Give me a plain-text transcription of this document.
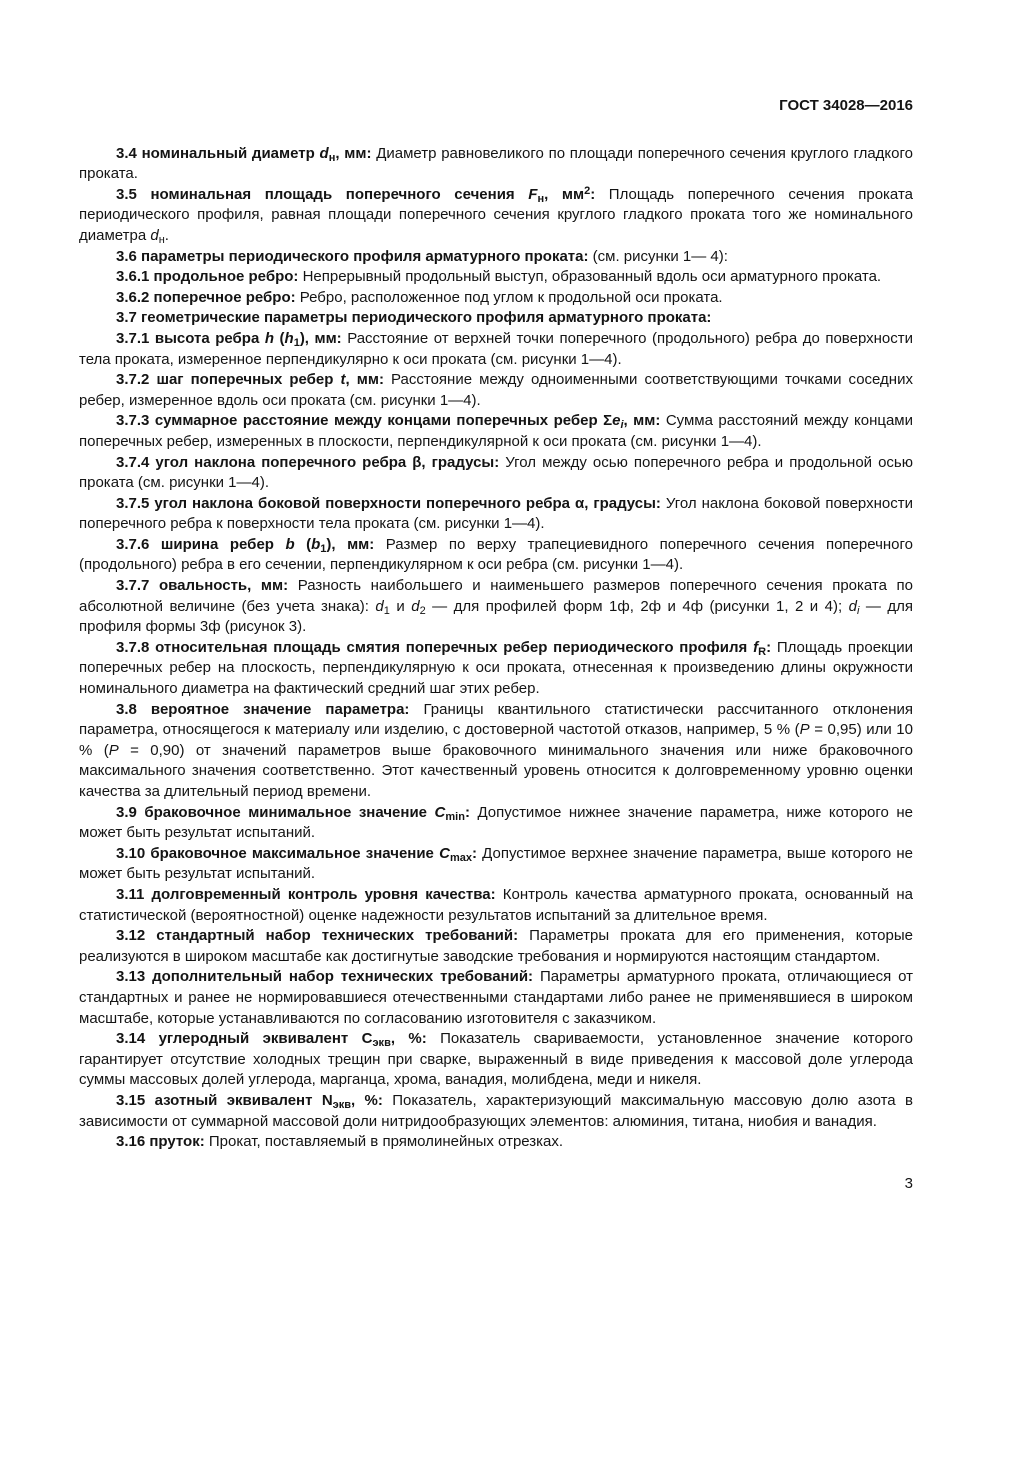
ГОСТ 34028—2016

3.4 номинальный диаметр $d_н$, мм: Диаметр равновеликого по площади поперечного сечения круглого гладкого проката.

3.5 номинальная площадь поперечного сечения $F_н$, $мм^2$: Площадь поперечного сечения проката периодического профиля, равная площади поперечного сечения круглого гладкого проката того же номинального диаметра $d_н$.

3.6 параметры периодического профиля арматурного проката: (см. рисунки 1— 4):

3.6.1 продольное ребро: Непрерывный продольный выступ, образованный вдоль оси арматурного проката.

3.6.2 поперечное ребро: Ребро, расположенное под углом к продольной оси проката.

3.7 геометрические параметры периодического профиля арматурного проката:

3.7.1 высота ребра h $(h_1)$, мм: Расстояние от верхней точки поперечного (продольного) ребра до поверхности тела проката, измеренное перпендикулярно к оси проката (см. рисунки 1—4).

3.7.2 шаг поперечных ребер t, мм: Расстояние между одноименными соответствующими точками соседних ребер, измеренное вдоль оси проката (см. рисунки 1—4).

3.7.3 суммарное расстояние между концами поперечных ребер $\Sigma e_i$, мм: Сумма расстояний между концами поперечных ребер, измеренных в плоскости, перпендикулярной к оси проката (см. рисунки 1—4).

3.7.4 угол наклона поперечного ребра β, градусы: Угол между осью поперечного ребра и продольной осью проката (см. рисунки 1—4).

3.7.5 угол наклона боковой поверхности поперечного ребра α, градусы: Угол наклона боковой поверхности поперечного ребра к поверхности тела проката (см. рисунки 1—4).

3.7.6 ширина ребер b $(b_1)$, мм: Размер по верху трапециевидного поперечного сечения поперечного (продольного) ребра в его сечении, перпендикулярном к оси ребра (см. рисунки 1—4).

3.7.7 овальность, мм: Разность наибольшего и наименьшего размеров поперечного сечения проката по абсолютной величине (без учета знака): $d_1$ и $d_2$ — для профилей форм 1ф, 2ф и 4ф (рисунки 1, 2 и 4); $d_i$ — для профиля формы 3ф (рисунок 3).

3.7.8 относительная площадь смятия поперечных ребер периодического профиля $f_R$: Площадь проекции поперечных ребер на плоскость, перпендикулярную к оси проката, отнесенная к произведению длины окружности номинального диаметра на фактический средний шаг этих ребер.

3.8 вероятное значение параметра: Границы квантильного статистически рассчитанного отклонения параметра, относящегося к материалу или изделию, с достоверной частотой отказов, например, 5 % (P = 0,95) или 10 % (P = 0,90) от значений параметров выше браковочного минимального значения или ниже браковочного максимального значения соответственно. Этот качественный уровень относится к долговременному уровню оценки качества за длительный период времени.

3.9 браковочное минимальное значение $C_{min}$: Допустимое нижнее значение параметра, ниже которого не может быть результат испытаний.

3.10 браковочное максимальное значение $C_{max}$: Допустимое верхнее значение параметра, выше которого не может быть результат испытаний.

3.11 долговременный контроль уровня качества: Контроль качества арматурного проката, основанный на статистической (вероятностной) оценке надежности результатов испытаний за длительное время.

3.12 стандартный набор технических требований: Параметры проката для его применения, которые реализуются в широком масштабе как достигнутые заводские требования и нормируются настоящим стандартом.

3.13 дополнительный набор технических требований: Параметры арматурного проката, отличающиеся от стандартных и ранее не нормировавшиеся отечественными стандартами либо ранее не применявшиеся в широком масштабе, которые устанавливаются по согласованию изготовителя с заказчиком.

3.14 углеродный эквивалент $С_{экв}$, %: Показатель свариваемости, установленное значение которого гарантирует отсутствие холодных трещин при сварке, выраженный в виде приведения к массовой доле углерода суммы массовых долей углерода, марганца, хрома, ванадия, молибдена, меди и никеля.

3.15 азотный эквивалент $N_{экв}$, %: Показатель, характеризующий максимальную массовую долю азота в зависимости от суммарной массовой доли нитридообразующих элементов: алюминия, титана, ниобия и ванадия.

3.16 пруток: Прокат, поставляемый в прямолинейных отрезках.

3
